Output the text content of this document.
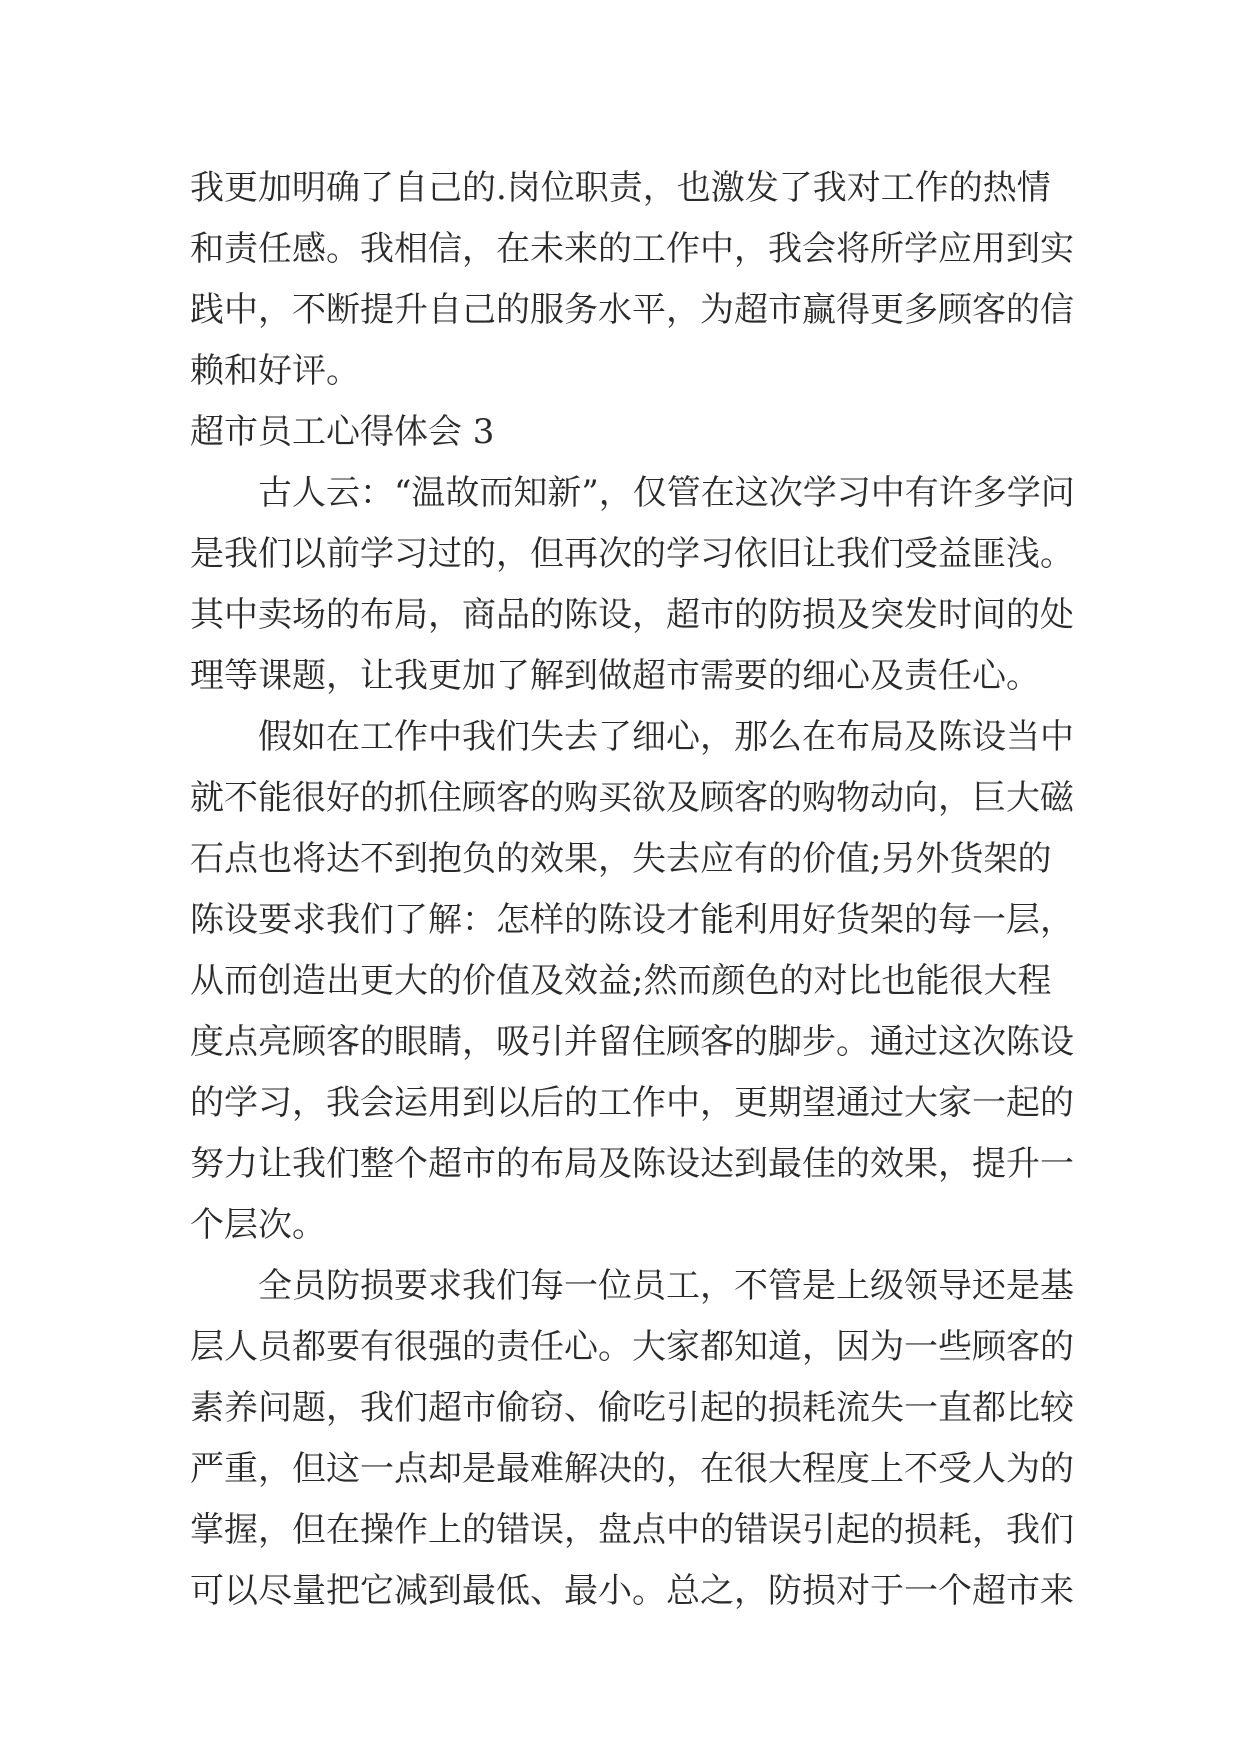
我更加明确了自己的.岗位职责，也激发了我对工作的热情
和责任感。我相信，在未来的工作中，我会将所学应用到实
践中，不断提升自己的服务水平，为超市赢得更多顾客的信
赖和好评。
超市员工心得体会 3
古人云：“温故而知新”，仅管在这次学习中有许多学问
是我们以前学习过的，但再次的学习依旧让我们受益匪浅。
其中卖场的布局，商品的陈设，超市的防损及突发时间的处
理等课题，让我更加了解到做超市需要的细心及责任心。
假如在工作中我们失去了细心，那么在布局及陈设当中
就不能很好的抓住顾客的购买欲及顾客的购物动向，巨大磁
石点也将达不到抱负的效果，失去应有的价值;另外货架的
陈设要求我们了解：怎样的陈设才能利用好货架的每一层，
从而创造出更大的价值及效益;然而颜色的对比也能很大程
度点亮顾客的眼睛，吸引并留住顾客的脚步。通过这次陈设
的学习，我会运用到以后的工作中，更期望通过大家一起的
努力让我们整个超市的布局及陈设达到最佳的效果，提升一
个层次。
全员防损要求我们每一位员工，不管是上级领导还是基
层人员都要有很强的责任心。大家都知道，因为一些顾客的
素养问题，我们超市偷窃、偷吃引起的损耗流失一直都比较
严重，但这一点却是最难解决的，在很大程度上不受人为的
掌握，但在操作上的错误，盘点中的错误引起的损耗，我们
可以尽量把它减到最低、最小。总之，防损对于一个超市来
